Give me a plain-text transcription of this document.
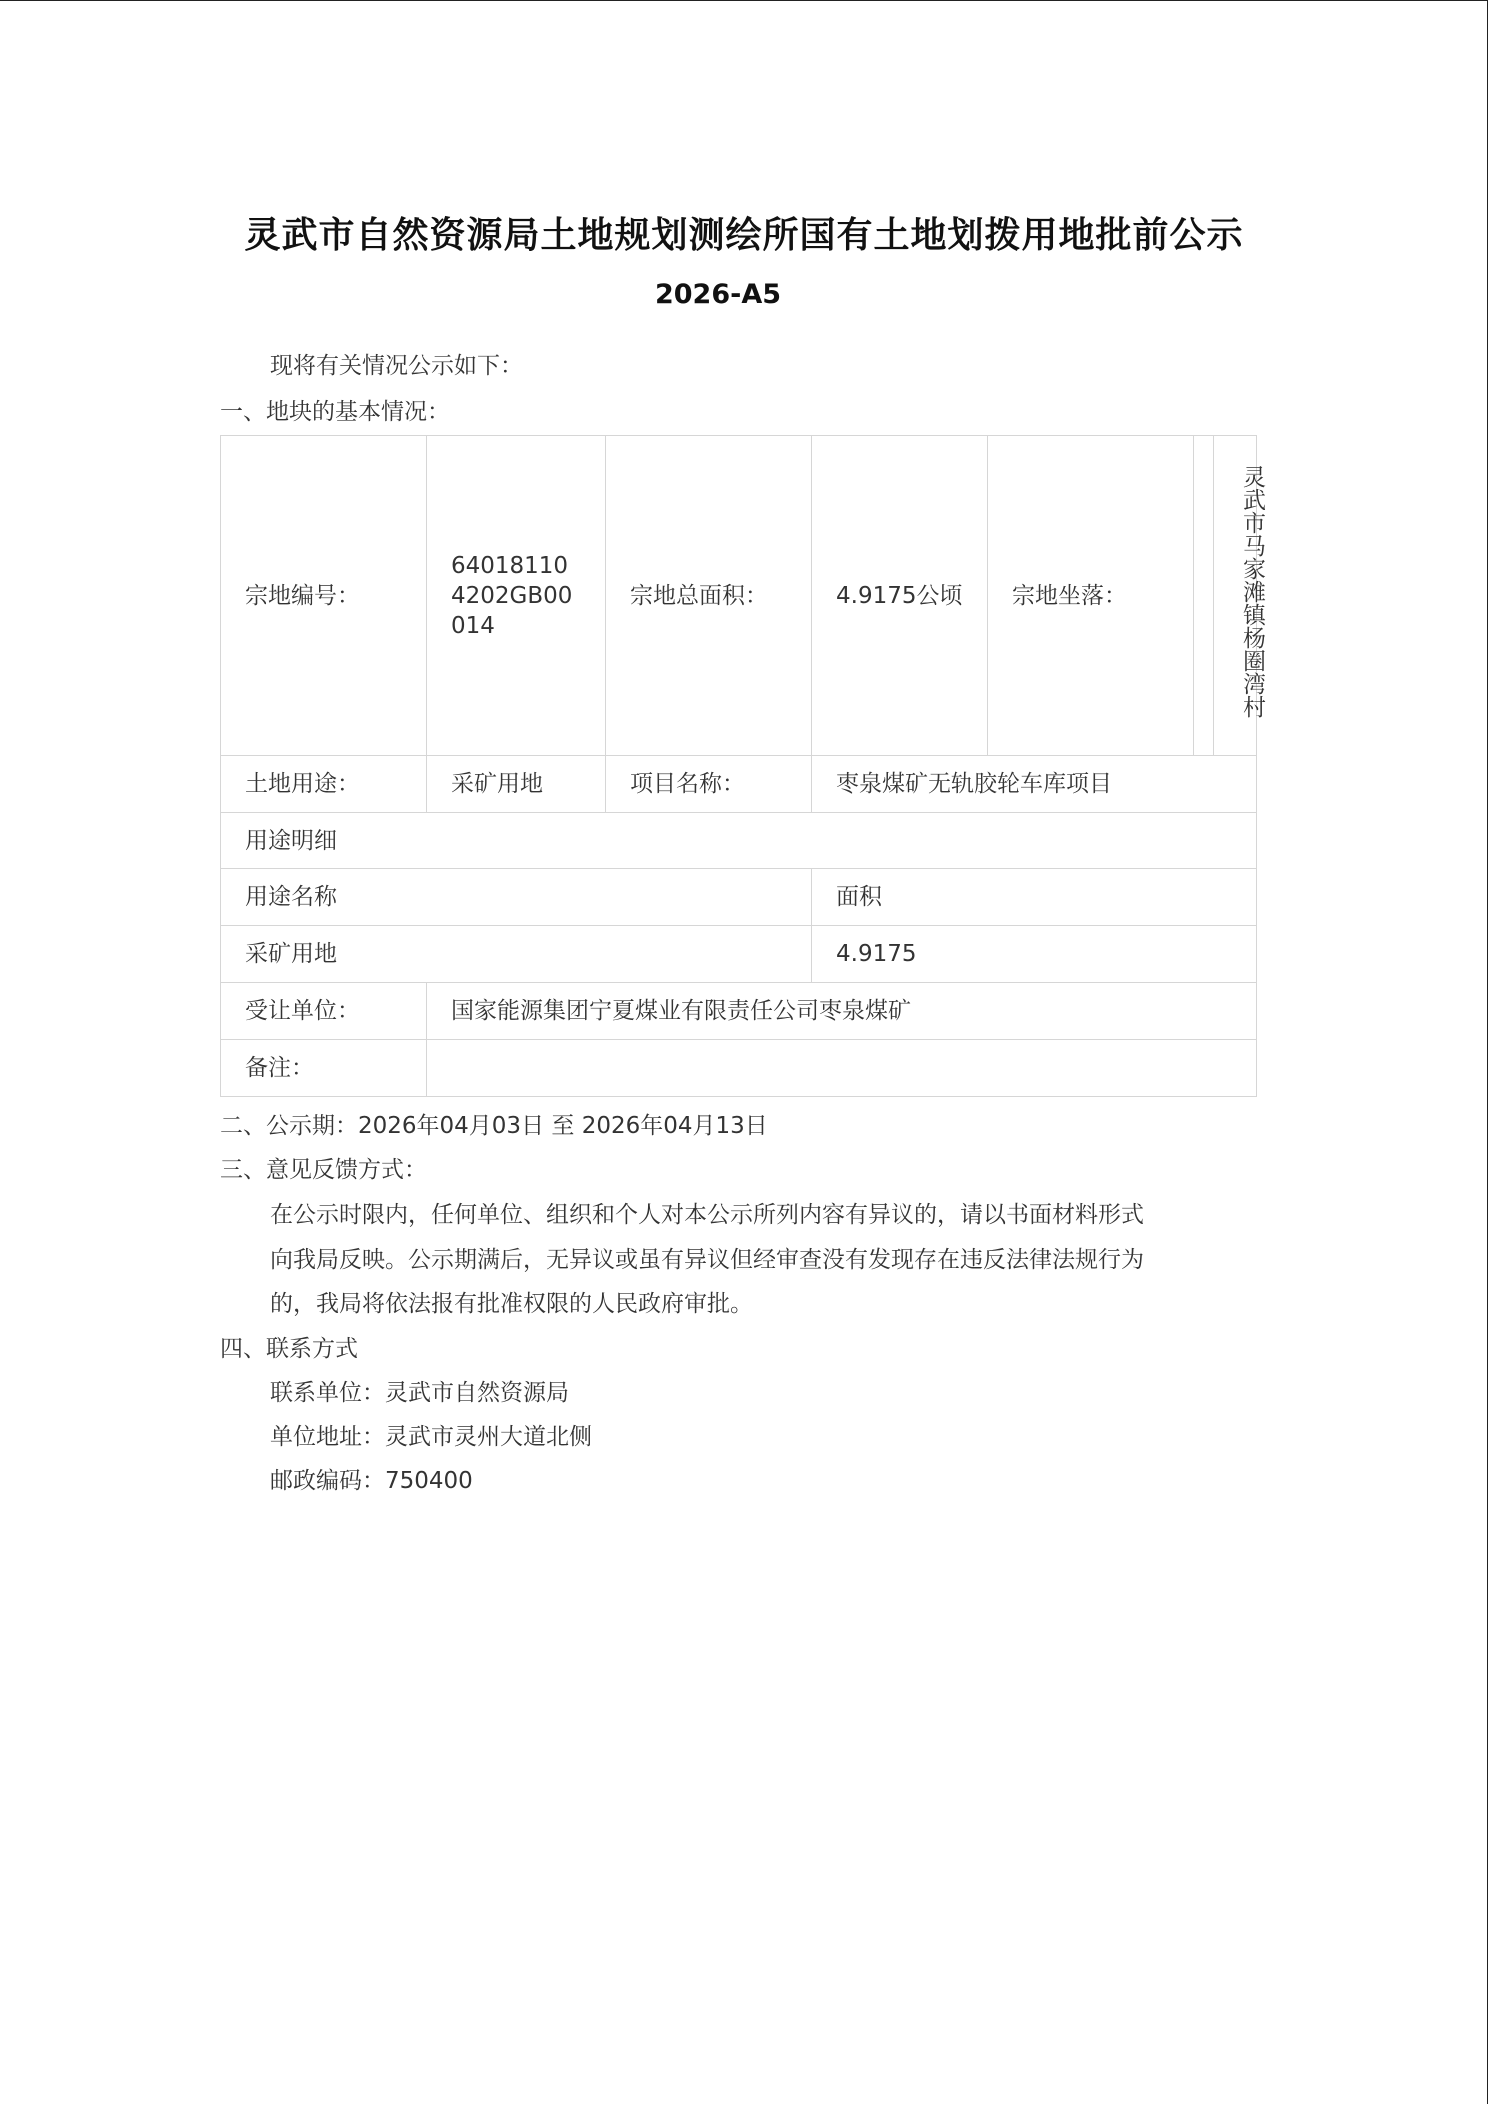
灵武市自然资源局土地规划测绘所国有土地划拨用地批前公示
2026-A5
现将有关情况公示如下：
一、地块的基本情况：
宗地编号：	640181104202GB00014	宗地总面积：	4.9175公顷	宗地坐落：		灵武市马家滩镇杨圈湾村
土地用途：	采矿用地	项目名称：	枣泉煤矿无轨胶轮车库项目			
用途明细						
用途名称			面积			
采矿用地			4.9175			
受让单位：	国家能源集团宁夏煤业有限责任公司枣泉煤矿					
备注：						
二、公示期：2026年04月03日 至 2026年04月13日
三、意见反馈方式：
在公示时限内，任何单位、组织和个人对本公示所列内容有异议的，请以书面材料形式
向我局反映。公示期满后，无异议或虽有异议但经审查没有发现存在违反法律法规行为
的，我局将依法报有批准权限的人民政府审批。
四、联系方式
联系单位：灵武市自然资源局
单位地址：灵武市灵州大道北侧
邮政编码：750400
